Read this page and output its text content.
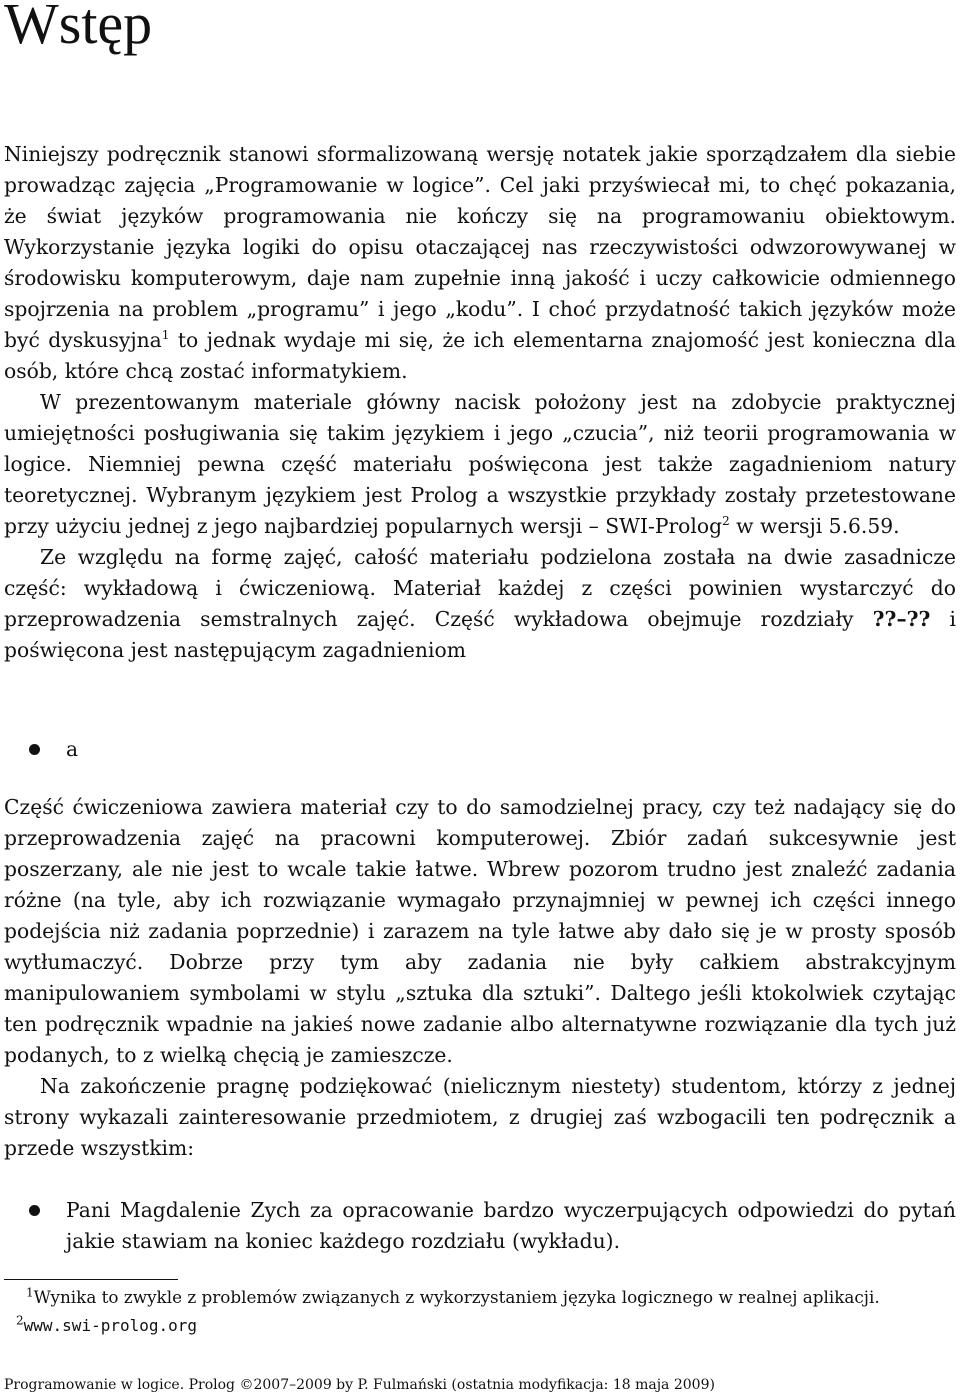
Wstęp

Niniejszy podręcznik stanowi sformalizowaną wersję notatek jakie sporządzałem dla siebie prowadząc zajęcia „Programowanie w logice”. Cel jaki przyświecał mi, to chęć pokazania, że świat języków programowania nie kończy się na programowaniu obiektowym. Wykorzystanie języka logiki do opisu otaczającej nas rzeczywistości odwzorowywanej w środowisku komputerowym, daje nam zupełnie inną jakość i uczy całkowicie odmiennego spojrzenia na problem „programu” i jego „kodu”. I choć przydatność takich języków może być dyskusyjna$^1$ to jednak wydaje mi się, że ich elementarna znajomość jest konieczna dla osób, które chcą zostać informatykiem.

W prezentowanym materiale główny nacisk położony jest na zdobycie praktycznej umiejętności posługiwania się takim językiem i jego „czucia”, niż teorii programowania w logice. Niemniej pewna część materiału poświęcona jest także zagadnieniom natury teoretycznej. Wybranym językiem jest Prolog a wszystkie przykłady zostały przetestowane przy użyciu jednej z jego najbardziej popularnych wersji – SWI-Prolog$^2$ w wersji 5.6.59.

Ze względu na formę zajęć, całość materiału podzielona została na dwie zasadnicze część: wykładową i ćwiczeniową. Materiał każdej z części powinien wystarczyć do przeprowadzenia semstralnych zajęć. Część wykładowa obejmuje rozdziały ??–?? i poświęcona jest następującym zagadnieniom

a

Część ćwiczeniowa zawiera materiał czy to do samodzielnej pracy, czy też nadający się do przeprowadzenia zajęć na pracowni komputerowej. Zbiór zadań sukcesywnie jest poszerzany, ale nie jest to wcale takie łatwe. Wbrew pozorom trudno jest znaleźć zadania różne (na tyle, aby ich rozwiązanie wymagało przynajmniej w pewnej ich części innego podejścia niż zadania poprzednie) i zarazem na tyle łatwe aby dało się je w prosty sposób wytłumaczyć. Dobrze przy tym aby zadania nie były całkiem abstrakcyjnym manipulowaniem symbolami w stylu „sztuka dla sztuki”. Daltego jeśli ktokolwiek czytając ten podręcznik wpadnie na jakieś nowe zadanie albo alternatywne rozwiązanie dla tych już podanych, to z wielką chęcią je zamieszcze.

Na zakończenie pragnę podziękować (nielicznym niestety) studentom, którzy z jednej strony wykazali zainteresowanie przedmiotem, z drugiej zaś wzbogacili ten podręcznik a przede wszystkim:

Pani Magdalenie Zych za opracowanie bardzo wyczerpujących odpowiedzi do pytań jakie stawiam na koniec każdego rozdziału (wykładu).
$^1$Wynika to zwykle z problemów związanych z wykorzystaniem języka logicznego w realnej aplikacji.
$^2$www.swi-prolog.org
Programowanie w logice. Prolog ©2007–2009 by P. Fulmański (ostatnia modyfikacja: 18 maja 2009)
